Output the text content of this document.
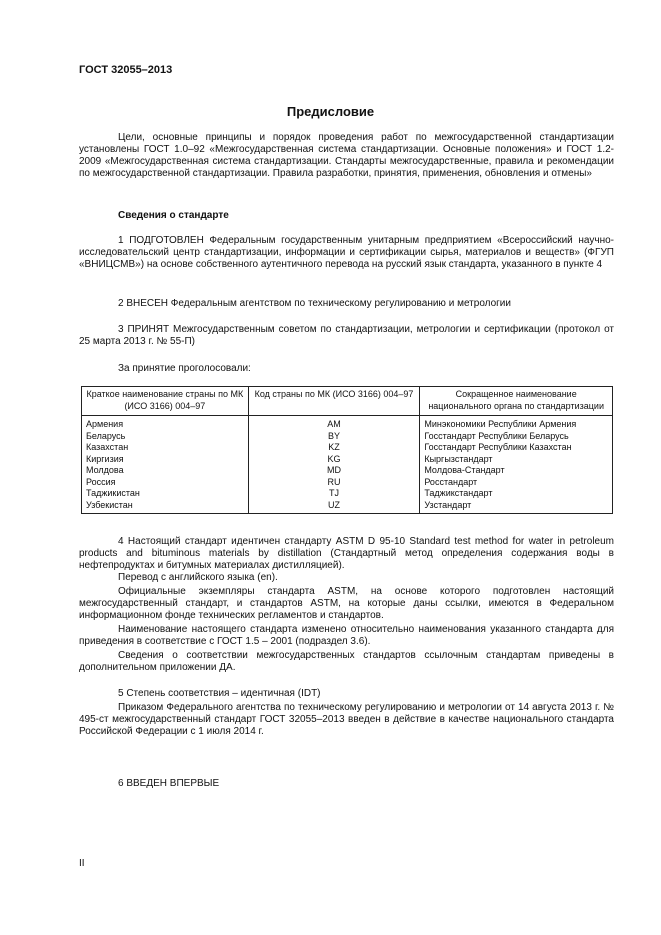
ГОСТ 32055–2013
Предисловие
Цели, основные принципы и порядок проведения работ по межгосударственной стандартизации установлены ГОСТ 1.0–92 «Межгосударственная система стандартизации. Основные положения» и ГОСТ 1.2-2009 «Межгосударственная система стандартизации. Стандарты межгосударственные, правила и рекомендации по межгосударственной стандартизации. Правила разработки, принятия, применения, обновления и отмены»
Сведения о стандарте
1 ПОДГОТОВЛЕН Федеральным государственным унитарным предприятием «Всероссийский научно-исследовательский центр стандартизации, информации и сертификации сырья, материалов и веществ» (ФГУП «ВНИЦСМВ») на основе собственного аутентичного перевода на русский язык стандарта, указанного в пункте 4
2 ВНЕСЕН Федеральным агентством по техническому регулированию и метрологии
3 ПРИНЯТ Межгосударственным советом по стандартизации, метрологии и сертификации (протокол от 25 марта 2013 г. № 55-П)
За принятие проголосовали:
Краткое наименование страны по МК (ИСО 3166) 004–97	Код страны по МК (ИСО 3166) 004–97	Сокращенное наименование национального органа по стандартизации
Армения	AM	Минэкономики Республики Армения
Беларусь	BY	Госстандарт Республики Беларусь
Казахстан	KZ	Госстандарт Республики Казахстан
Киргизия	KG	Кыргызстандарт
Молдова	MD	Молдова-Стандарт
Россия	RU	Росстандарт
Таджикистан	TJ	Таджикстандарт
Узбекистан	UZ	Узстандарт
4 Настоящий стандарт идентичен стандарту ASTM D 95-10 Standard test method for water in petroleum products and bituminous materials by distillation (Стандартный метод определения содержания воды в нефтепродуктах и битумных материалах дистилляцией).
Перевод с английского языка (en).
Официальные экземпляры стандарта ASTM, на основе которого подготовлен настоящий межгосударственный стандарт, и стандартов ASTM, на которые даны ссылки, имеются в Федеральном информационном фонде технических регламентов и стандартов.
Наименование настоящего стандарта изменено относительно наименования указанного стандарта для приведения в соответствие с ГОСТ 1.5 – 2001 (подраздел 3.6).
Сведения о соответствии межгосударственных стандартов ссылочным стандартам приведены в дополнительном приложении ДА.
5 Степень соответствия – идентичная (IDT)
Приказом Федерального агентства по техническому регулированию и метрологии от 14 августа 2013 г. № 495-ст межгосударственный стандарт ГОСТ 32055–2013 введен в действие в качестве национального стандарта Российской Федерации с 1 июля 2014 г.
6 ВВЕДЕН ВПЕРВЫЕ
II
